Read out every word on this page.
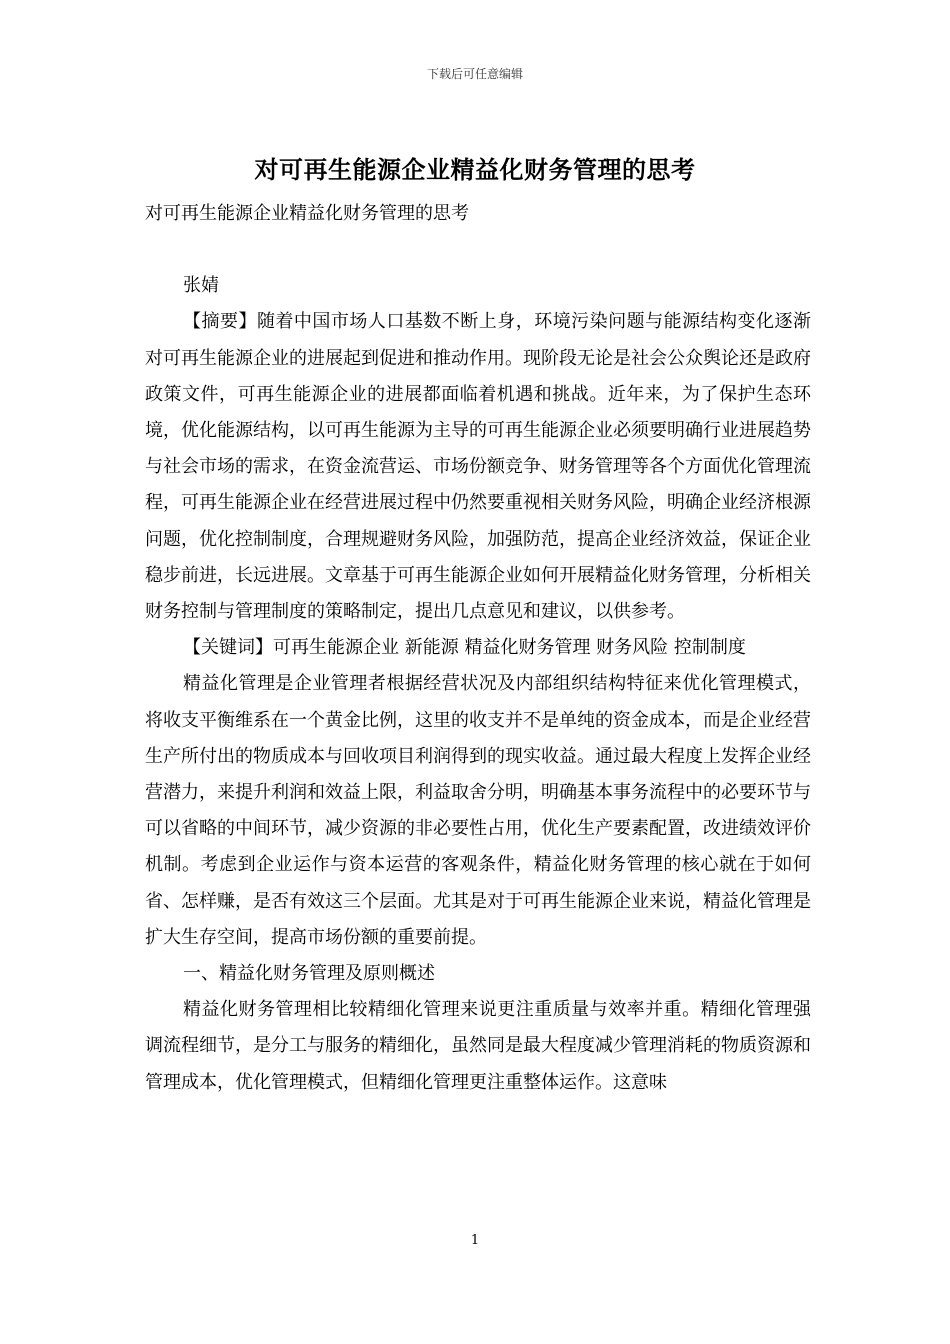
下载后可任意编辑
对可再生能源企业精益化财务管理的思考

对可再生能源企业精益化财务管理的思考

张婧

【摘要】随着中国市场人口基数不断上身，环境污染问题与能源结构变化逐渐对可再生能源企业的进展起到促进和推动作用。现阶段无论是社会公众舆论还是政府政策文件，可再生能源企业的进展都面临着机遇和挑战。近年来，为了保护生态环境，优化能源结构，以可再生能源为主导的可再生能源企业必须要明确行业进展趋势与社会市场的需求，在资金流营运、市场份额竞争、财务管理等各个方面优化管理流程，可再生能源企业在经营进展过程中仍然要重视相关财务风险，明确企业经济根源问题，优化控制制度，合理规避财务风险，加强防范，提高企业经济效益，保证企业稳步前进，长远进展。文章基于可再生能源企业如何开展精益化财务管理，分析相关财务控制与管理制度的策略制定，提出几点意见和建议，以供参考。

【关键词】可再生能源企业 新能源 精益化财务管理 财务风险 控制制度

精益化管理是企业管理者根据经营状况及内部组织结构特征来优化管理模式，将收支平衡维系在一个黄金比例，这里的收支并不是单纯的资金成本，而是企业经营生产所付出的物质成本与回收项目利润得到的现实收益。通过最大程度上发挥企业经营潜力，来提升利润和效益上限，利益取舍分明，明确基本事务流程中的必要环节与可以省略的中间环节，减少资源的非必要性占用，优化生产要素配置，改进绩效评价机制。考虑到企业运作与资本运营的客观条件，精益化财务管理的核心就在于如何省、怎样赚，是否有效这三个层面。尤其是对于可再生能源企业来说，精益化管理是扩大生存空间，提高市场份额的重要前提。

一、精益化财务管理及原则概述

精益化财务管理相比较精细化管理来说更注重质量与效率并重。精细化管理强调流程细节，是分工与服务的精细化，虽然同是最大程度减少管理消耗的物质资源和管理成本，优化管理模式，但精细化管理更注重整体运作。这意味

1
